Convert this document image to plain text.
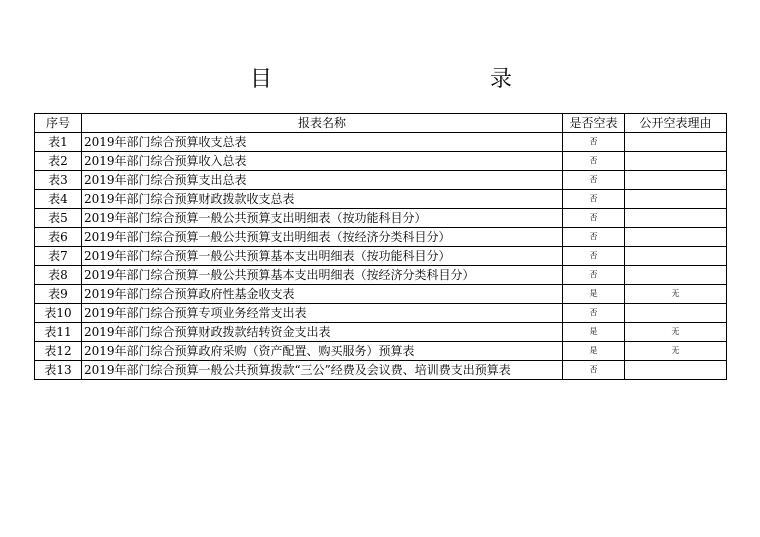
目	录
序号	报表名称	是否空表	公开空表理由
表1	2019年部门综合预算收支总表	否	
表2	2019年部门综合预算收入总表	否	
表3	2019年部门综合预算支出总表	否	
表4	2019年部门综合预算财政拨款收支总表	否	
表5	2019年部门综合预算一般公共预算支出明细表（按功能科目分）	否	
表6	2019年部门综合预算一般公共预算支出明细表（按经济分类科目分）	否	
表7	2019年部门综合预算一般公共预算基本支出明细表（按功能科目分）	否	
表8	2019年部门综合预算一般公共预算基本支出明细表（按经济分类科目分）	否	
表9	2019年部门综合预算政府性基金收支表	是	无
表10	2019年部门综合预算专项业务经常支出表	否	
表11	2019年部门综合预算财政拨款结转资金支出表	是	无
表12	2019年部门综合预算政府采购（资产配置、购买服务）预算表	是	无
表13	2019年部门综合预算一般公共预算拨款“三公”经费及会议费、培训费支出预算表	否	
